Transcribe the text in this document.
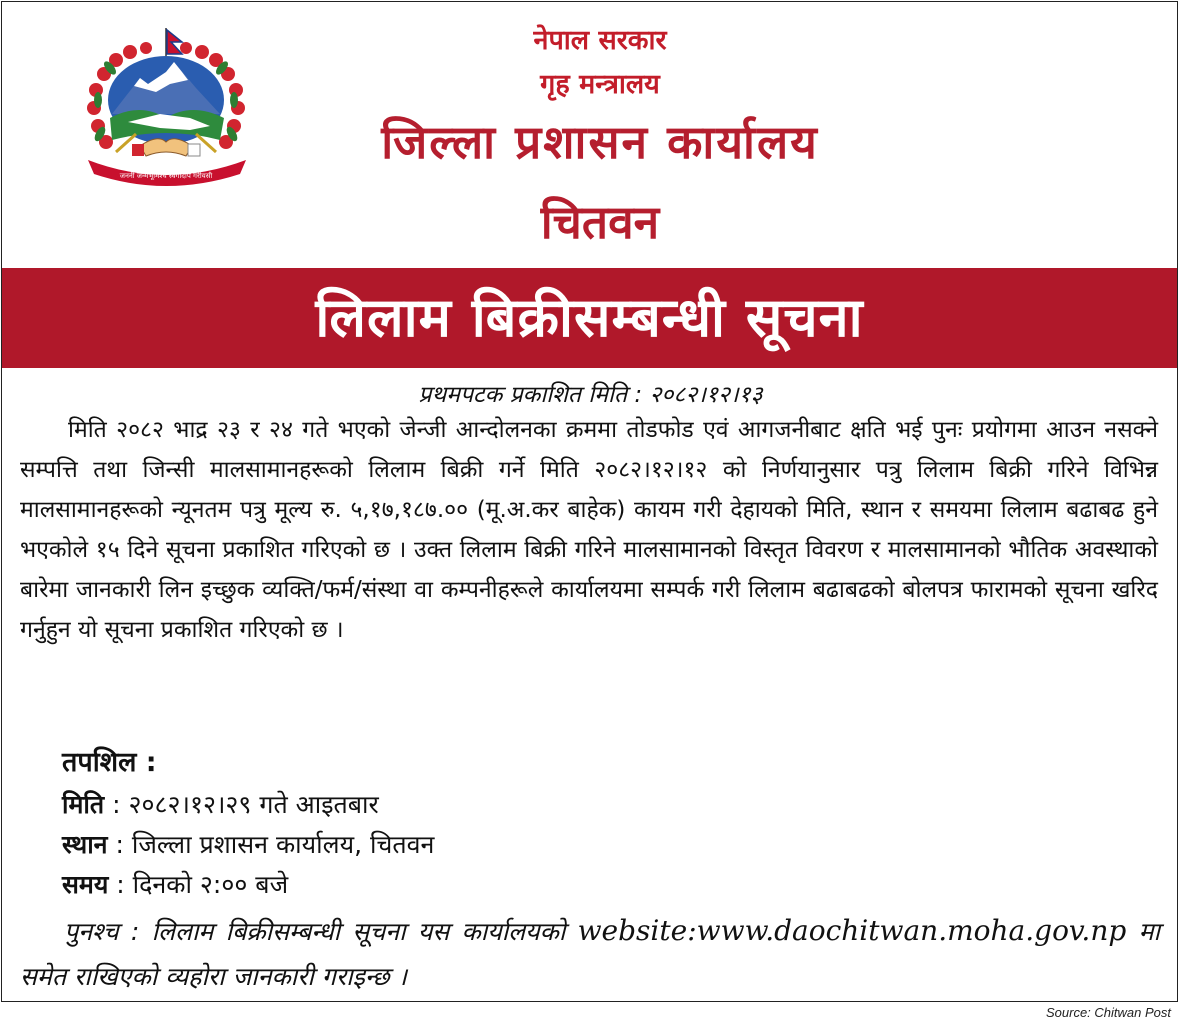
जननी जन्मभूमिश्च स्वर्गादपि गरीयसी
नेपाल सरकार
गृह मन्त्रालय
जिल्ला प्रशासन कार्यालय
चितवन
लिलाम बिक्रीसम्बन्धी सूचना
प्रथमपटक प्रकाशित मिति : २०८२।१२।१३

मिति २०८२ भाद्र २३ र २४ गते भएको जेन्जी आन्दोलनका क्रममा तोडफोड एवं आगजनीबाट क्षति भई पुनः प्रयोगमा आउन नसक्ने सम्पत्ति तथा जिन्सी मालसामानहरूको लिलाम बिक्री गर्ने मिति २०८२।१२।१२ को निर्णयानुसार पत्रु लिलाम बिक्री गरिने विभिन्न मालसामानहरूको न्यूनतम पत्रु मूल्य रु. ५,१७,१८७.०० (मू.अ.कर बाहेक) कायम गरी देहायको मिति, स्थान र समयमा लिलाम बढाबढ हुने भएकोले १५ दिने सूचना प्रकाशित गरिएको छ । उक्त लिलाम बिक्री गरिने मालसामानको विस्तृत विवरण र मालसामानको भौतिक अवस्थाको बारेमा जानकारी लिन इच्छुक व्यक्ति/फर्म/संस्था वा कम्पनीहरूले कार्यालयमा सम्पर्क गरी लिलाम बढाबढको बोलपत्र फारामको सूचना खरिद गर्नुहुन यो सूचना प्रकाशित गरिएको छ ।

तपशिल :
मिति : २०८२।१२।२९ गते आइतबार
स्थान : जिल्ला प्रशासन कार्यालय, चितवन
समय : दिनको २:०० बजे

पुनश्च : लिलाम बिक्रीसम्बन्धी सूचना यस कार्यालयको website:www.daochitwan.moha.gov.np मा समेत राखिएको व्यहोरा जानकारी गराइन्छ ।

Source: Chitwan Post
